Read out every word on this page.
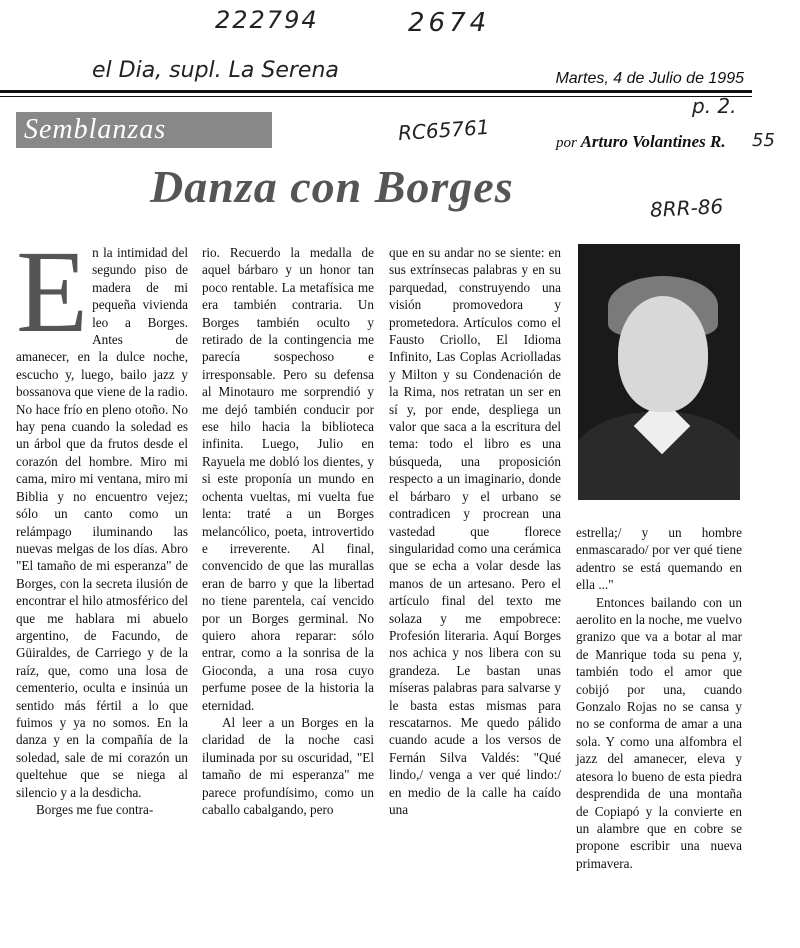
222794	2674
el Dia, supl. La Serena	Martes, 4 de Julio de 1995
p. 2.
Semblanzas	RC65761	por Arturo Volantines R. 55
Danza con Borges	8RR-86

En la intimidad del segundo piso de madera de mi pequeña vivienda leo a Borges. Antes de amanecer, en la dulce noche, escucho y, luego, bailo jazz y bossanova que viene de la radio. No hace frío en pleno otoño. No hay pena cuando la soledad es un árbol que da frutos desde el corazón del hombre. Miro mi cama, miro mi ventana, miro mi Biblia y no encuentro vejez; sólo un canto como un relámpago iluminando las nuevas melgas de los días. Abro "El tamaño de mi esperanza" de Borges, con la secreta ilusión de encontrar el hilo atmosférico del que me hablara mi abuelo argentino, de Facundo, de Güiraldes, de Carriego y de la raíz, que, como una losa de cementerio, oculta e insinúa un sentido más fértil a lo que fuimos y ya no somos. En la danza y en la compañía de la soledad, sale de mi corazón un queltehue que se niega al silencio y a la desdicha.

Borges me fue contra-

rio. Recuerdo la medalla de aquel bárbaro y un honor tan poco rentable. La metafísica me era también contraria. Un Borges también oculto y retirado de la contingencia me parecía sospechoso e irresponsable. Pero su defensa al Minotauro me sorprendió y me dejó también conducir por ese hilo hacia la biblioteca infinita. Luego, Julio en Rayuela me dobló los dientes, y si este proponía un mundo en ochenta vueltas, mi vuelta fue lenta: traté a un Borges melancólico, poeta, introvertido e irreverente. Al final, convencido de que las murallas eran de barro y que la libertad no tiene parentela, caí vencido por un Borges germinal. No quiero ahora reparar: sólo entrar, como a la sonrisa de la Gioconda, a una rosa cuyo perfume posee de la historia la eternidad.

Al leer a un Borges en la claridad de la noche casi iluminada por su oscuridad, "El tamaño de mi esperanza" me parece profundísimo, como un caballo cabalgando, pero

que en su andar no se siente: en sus extrínsecas palabras y en su parquedad, construyendo una visión promovedora y prometedora. Artículos como el Fausto Criollo, El Idioma Infinito, Las Coplas Acriolladas y Milton y su Condenación de la Rima, nos retratan un ser en sí y, por ende, despliega un valor que saca a la escritura del tema: todo el libro es una búsqueda, una proposición respecto a un imaginario, donde el bárbaro y el urbano se contradicen y procrean una vastedad que florece singularidad como una cerámica que se echa a volar desde las manos de un artesano. Pero el artículo final del texto me solaza y me empobrece: Profesión literaria. Aquí Borges nos achica y nos libera con su grandeza. Le bastan unas míseras palabras para salvarse y le basta estas mismas para rescatarnos. Me quedo pálido cuando acude a los versos de Fernán Silva Valdés: "Qué lindo,/ venga a ver qué lindo:/ en medio de la calle ha caído una

estrella;/ y un hombre enmascarado/ por ver qué tiene adentro se está quemando en ella ..."

Entonces bailando con un aerolito en la noche, me vuelvo granizo que va a botar al mar de Manrique toda su pena y, también todo el amor que cobijó por una, cuando Gonzalo Rojas no se cansa y no se conforma de amar a una sola. Y como una alfombra el jazz del amanecer, eleva y atesora lo bueno de esta piedra desprendida de una montaña de Copiapó y la convierte en un alambre que en cobre se propone escribir una nueva primavera.
